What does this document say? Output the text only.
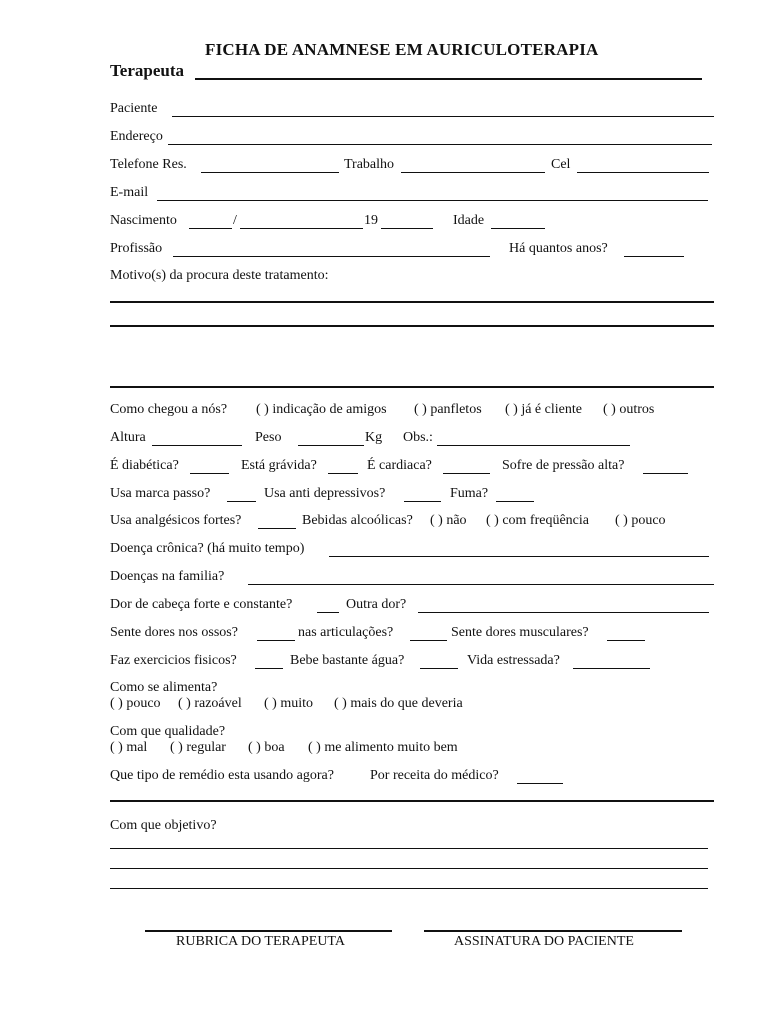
FICHA DE ANAMNESE EM AURICULOTERAPIA
Terapeuta
Paciente
Endereço
Telefone Res.	Trabalho	Cel
E-mail
Nascimento	/	19	Idade
Profissão	Há quantos anos?
Motivo(s) da procura deste tratamento:
Como chegou a nós? ( ) indicação de amigos ( ) panfletos ( ) já é cliente ( ) outros
Altura	Peso	Kg Obs.:
É diabética?	Está grávida?	É cardiaca?	Sofre de pressão alta?
Usa marca passo?	Usa anti depressivos?	Fuma?
Usa analgésicos fortes?	Bebidas alcoólicas? ( ) não ( ) com freqüência ( ) pouco
Doença crônica? (há muito tempo)
Doenças na familia?
Dor de cabeça forte e constante?	Outra dor?
Sente dores nos ossos?	nas articulações?	Sente dores musculares?
Faz exercicios fisicos?	Bebe bastante água?	Vida estressada?
Como se alimenta?
( ) pouco ( ) razoável ( ) muito ( ) mais do que deveria
Com que qualidade?
( ) mal ( ) regular ( ) boa ( ) me alimento muito bem
Que tipo de remédio esta usando agora?	Por receita do médico?
Com que objetivo?
RUBRICA DO TERAPEUTA	ASSINATURA DO PACIENTE
